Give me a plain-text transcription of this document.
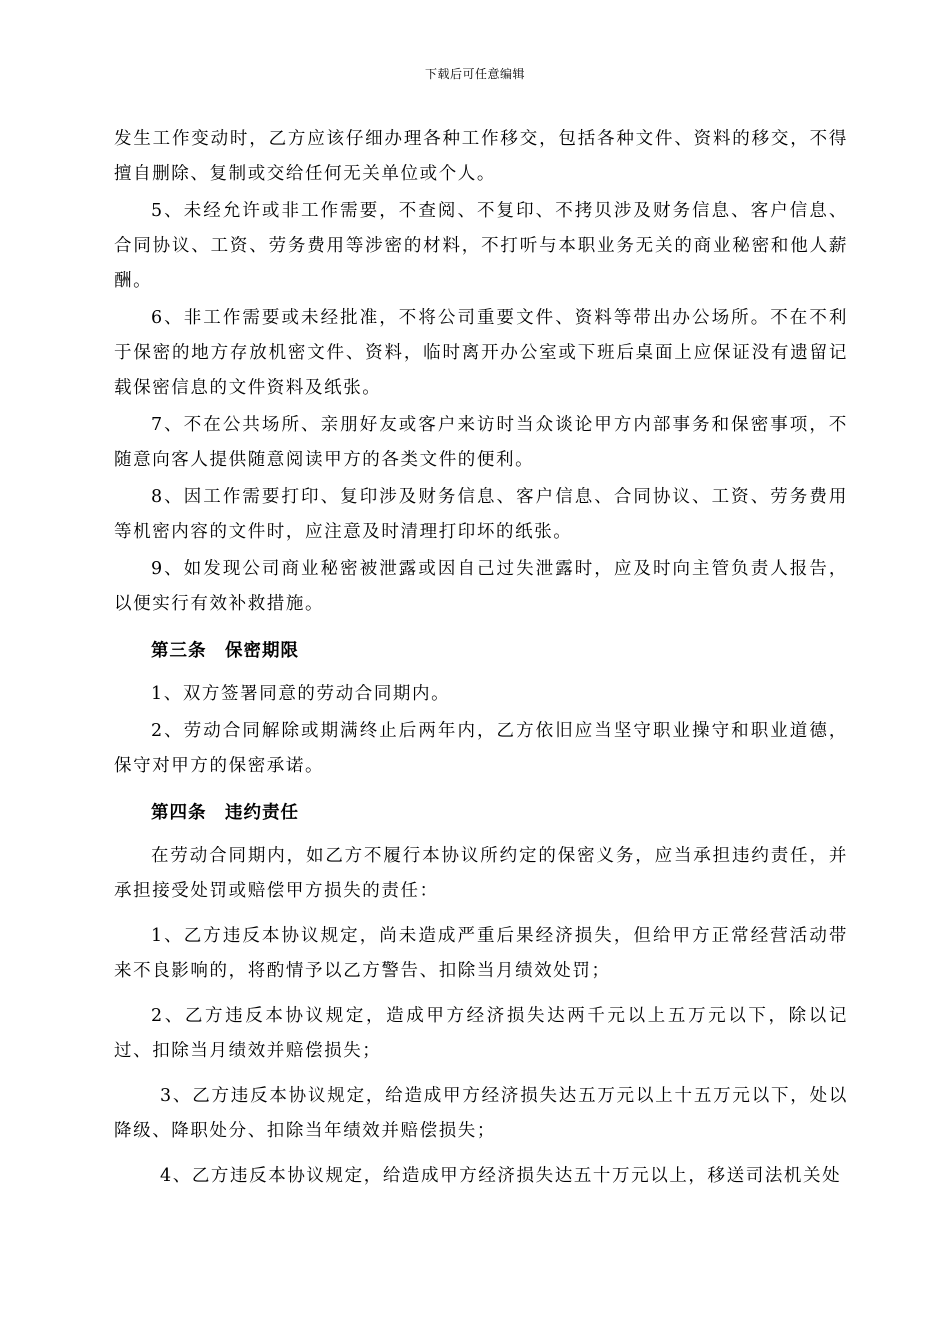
下载后可任意编辑

发生工作变动时，乙方应该仔细办理各种工作移交，包括各种文件、资料的移交，不得擅自删除、复制或交给任何无关单位或个人。

5、未经允许或非工作需要，不查阅、不复印、不拷贝涉及财务信息、客户信息、合同协议、工资、劳务费用等涉密的材料，不打听与本职业务无关的商业秘密和他人薪酬。

6、非工作需要或未经批准，不将公司重要文件、资料等带出办公场所。不在不利于保密的地方存放机密文件、资料，临时离开办公室或下班后桌面上应保证没有遗留记载保密信息的文件资料及纸张。

7、不在公共场所、亲朋好友或客户来访时当众谈论甲方内部事务和保密事项，不随意向客人提供随意阅读甲方的各类文件的便利。

8、因工作需要打印、复印涉及财务信息、客户信息、合同协议、工资、劳务费用等机密内容的文件时，应注意及时清理打印坏的纸张。

9、如发现公司商业秘密被泄露或因自己过失泄露时，应及时向主管负责人报告，以便实行有效补救措施。

第三条　保密期限

1、双方签署同意的劳动合同期内。

2、劳动合同解除或期满终止后两年内，乙方依旧应当坚守职业操守和职业道德，保守对甲方的保密承诺。

第四条　违约责任

在劳动合同期内，如乙方不履行本协议所约定的保密义务，应当承担违约责任，并承担接受处罚或赔偿甲方损失的责任：

1、乙方违反本协议规定，尚未造成严重后果经济损失，但给甲方正常经营活动带来不良影响的，将酌情予以乙方警告、扣除当月绩效处罚；

2、乙方违反本协议规定，造成甲方经济损失达两千元以上五万元以下，除以记过、扣除当月绩效并赔偿损失；

3、乙方违反本协议规定，给造成甲方经济损失达五万元以上十五万元以下，处以降级、降职处分、扣除当年绩效并赔偿损失；

4、乙方违反本协议规定，给造成甲方经济损失达五十万元以上，移送司法机关处
